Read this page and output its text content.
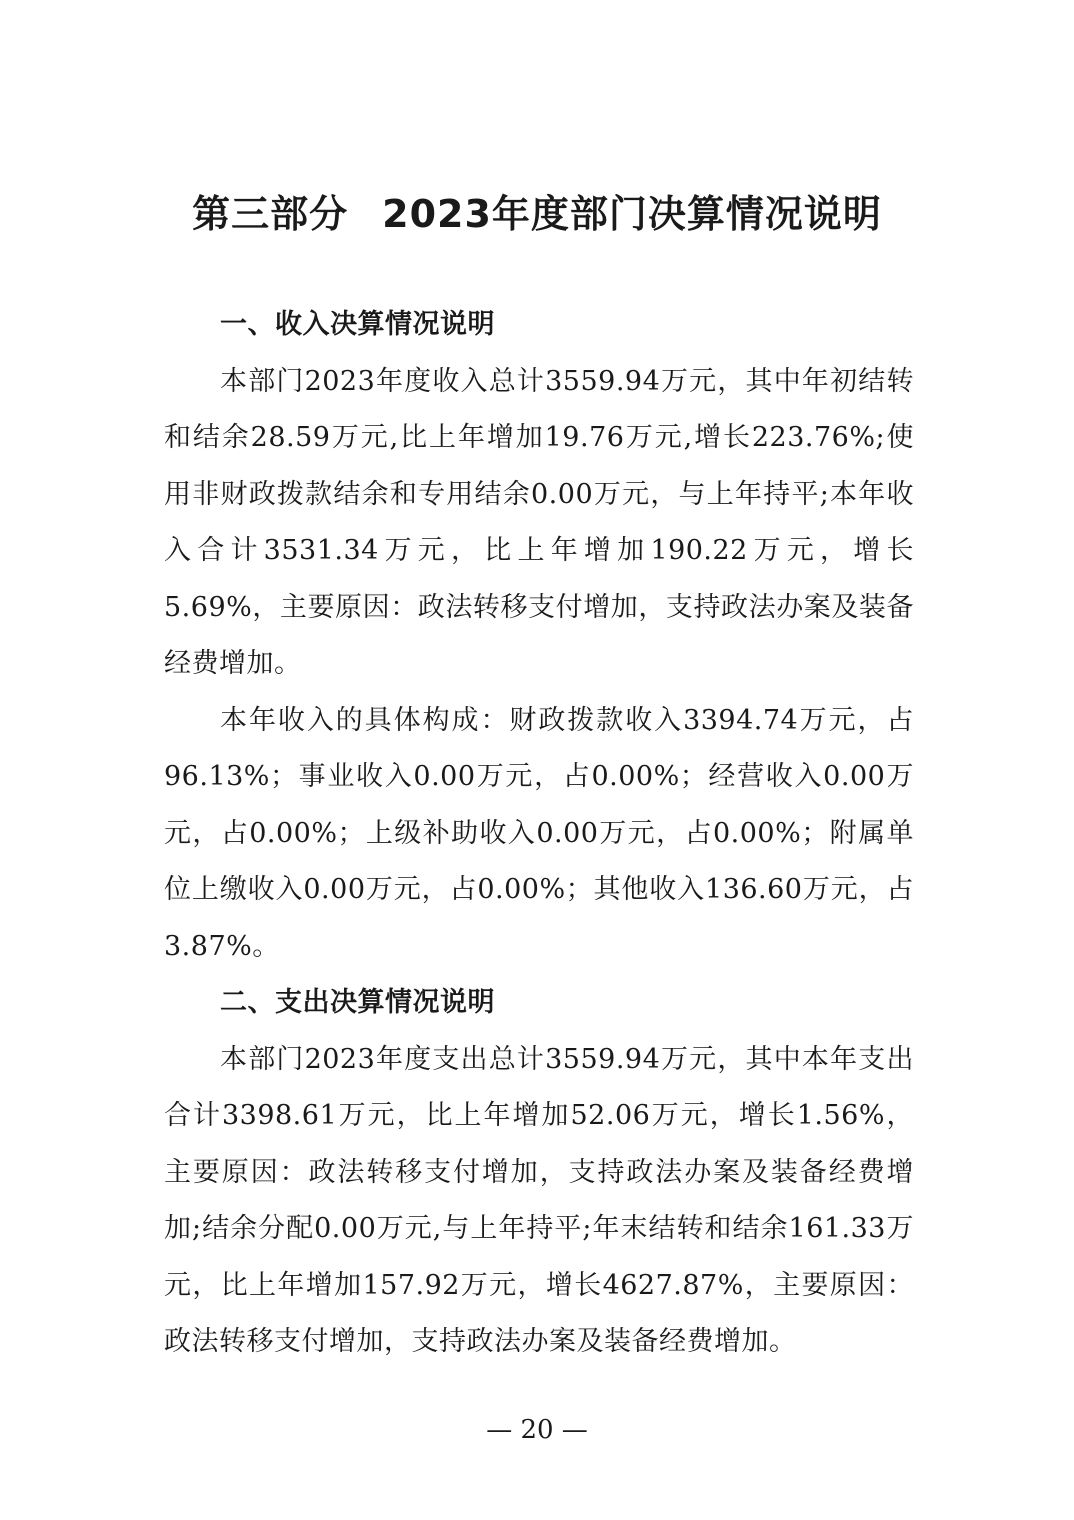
第三部分 2023年度部门决算情况说明
一、收入决算情况说明

本部门2023年度收入总计3559.94万元，其中年初结转和结余28.59万元,比上年增加19.76万元,增长223.76%;使用非财政拨款结余和专用结余0.00万元，与上年持平;本年收入合计3531.34万元，比上年增加190.22万元，增长5.69%，主要原因：政法转移支付增加，支持政法办案及装备经费增加。

本年收入的具体构成：财政拨款收入3394.74万元，占96.13%；事业收入0.00万元，占0.00%；经营收入0.00万元，占0.00%；上级补助收入0.00万元，占0.00%；附属单位上缴收入0.00万元，占0.00%；其他收入136.60万元，占3.87%。

二、支出决算情况说明

本部门2023年度支出总计3559.94万元，其中本年支出合计3398.61万元，比上年增加52.06万元，增长1.56%，主要原因：政法转移支付增加，支持政法办案及装备经费增加;结余分配0.00万元,与上年持平;年末结转和结余161.33万元，比上年增加157.92万元，增长4627.87%，主要原因：政法转移支付增加，支持政法办案及装备经费增加。

— 20 —
